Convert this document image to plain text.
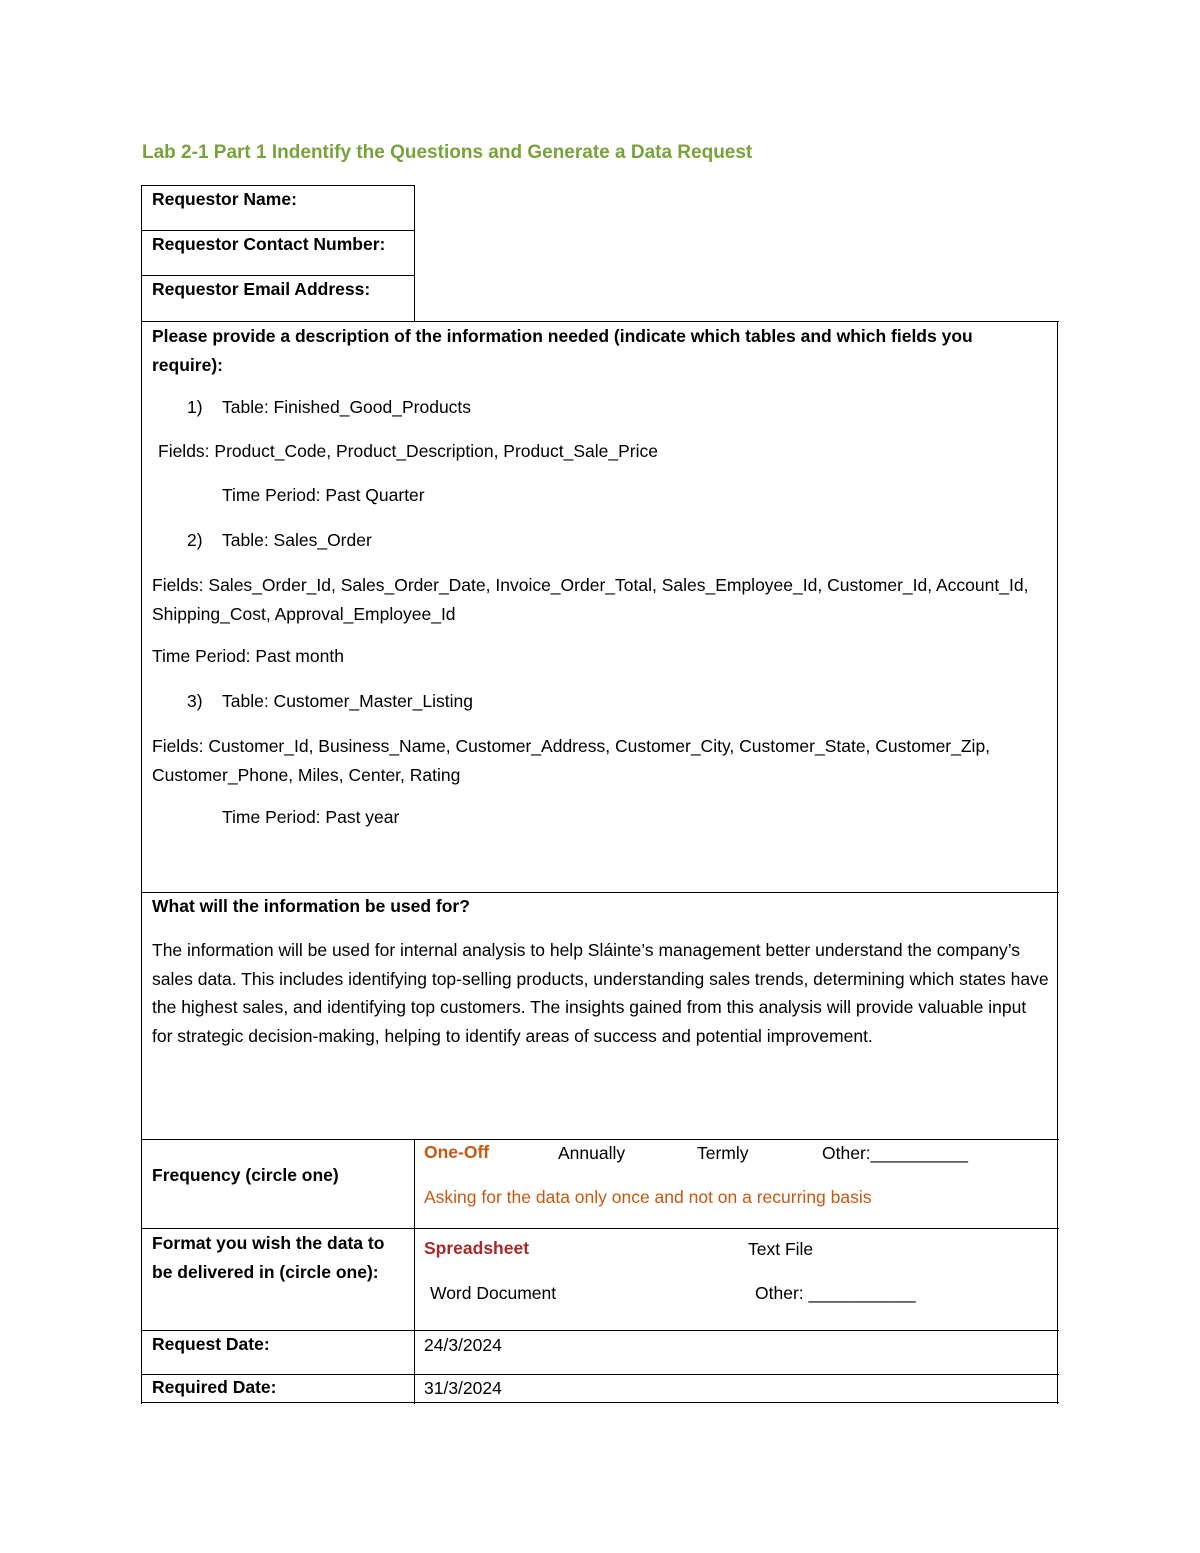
Lab 2-1 Part 1 Indentify the Questions and Generate a Data Request
Requestor Name:
Requestor Contact Number:
Requestor Email Address:
Please provide a description of the information needed (indicate which tables and which fields you require):
1) Table: Finished_Good_Products
Fields: Product_Code, Product_Description, Product_Sale_Price
Time Period: Past Quarter
2) Table: Sales_Order
Fields: Sales_Order_Id, Sales_Order_Date, Invoice_Order_Total, Sales_Employee_Id, Customer_Id, Account_Id, Shipping_Cost, Approval_Employee_Id
Time Period: Past month
3) Table: Customer_Master_Listing
Fields: Customer_Id, Business_Name, Customer_Address, Customer_City, Customer_State, Customer_Zip, Customer_Phone, Miles, Center, Rating
Time Period: Past year
What will the information be used for?
The information will be used for internal analysis to help Sláinte’s management better understand the company’s sales data. This includes identifying top-selling products, understanding sales trends, determining which states have the highest sales, and identifying top customers. The insights gained from this analysis will provide valuable input for strategic decision-making, helping to identify areas of success and potential improvement.
Frequency (circle one)
One-Off	Annually	Termly	Other:__________
Asking for the data only once and not on a recurring basis
Format you wish the data to be delivered in (circle one):
Spreadsheet	Text File
Word Document	Other: ___________
Request Date:	24/3/2024
Required Date:	31/3/2024
